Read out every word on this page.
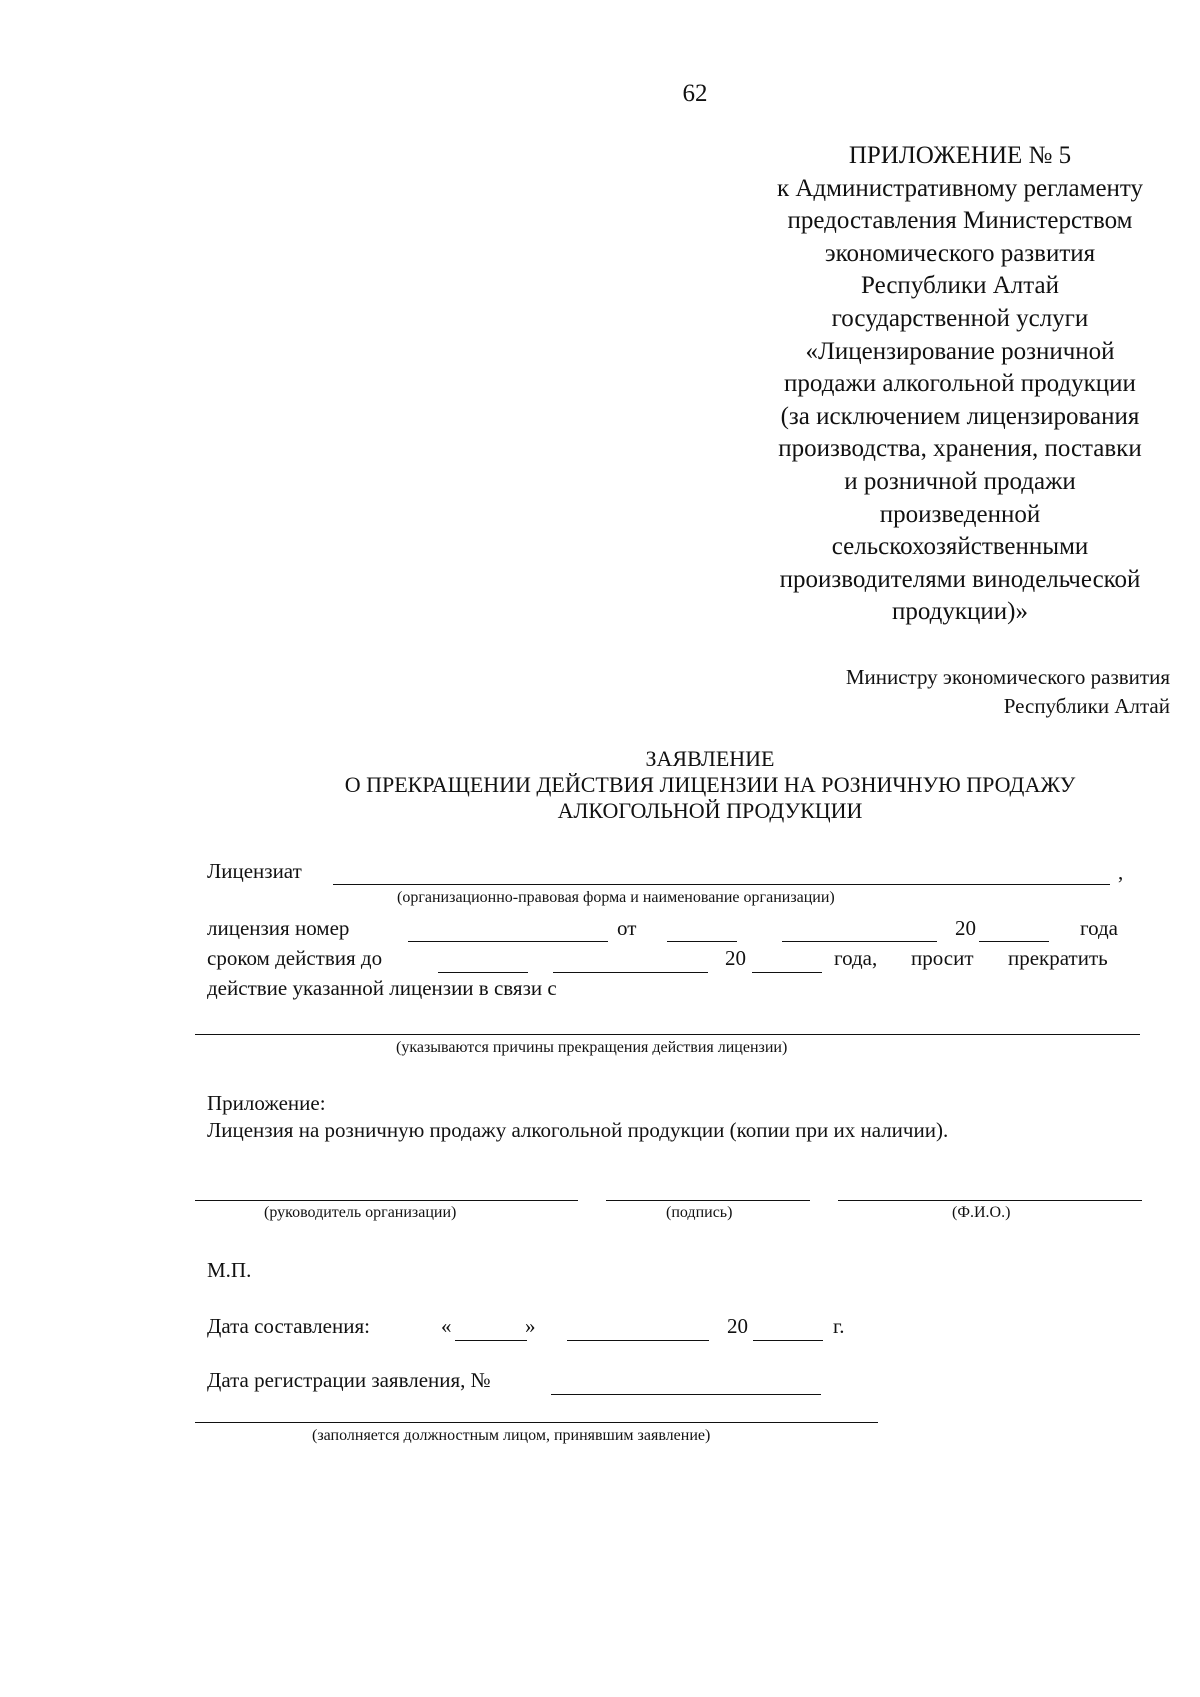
62
ПРИЛОЖЕНИЕ № 5
к Административному регламенту
предоставления Министерством
экономического развития
Республики Алтай
государственной услуги
«Лицензирование розничной
продажи алкогольной продукции
(за исключением лицензирования
производства, хранения, поставки
и розничной продажи
произведенной
сельскохозяйственными
производителями винодельческой
продукции)»
Министру экономического развития
Республики Алтай
ЗАЯВЛЕНИЕ
О ПРЕКРАЩЕНИИ ДЕЙСТВИЯ ЛИЦЕНЗИИ НА РОЗНИЧНУЮ ПРОДАЖУ
АЛКОГОЛЬНОЙ ПРОДУКЦИИ
Лицензиат	,
(организационно-правовая форма и наименование организации)
лицензия номер	от	20	года
сроком действия до	20	года, просит прекратить
действие указанной лицензии в связи с
(указываются причины прекращения действия лицензии)
Приложение:
Лицензия на розничную продажу алкогольной продукции (копии при их наличии).
(руководитель организации)	(подпись)	(Ф.И.О.)
М.П.
Дата составления:	«	»	20	г.
Дата регистрации заявления, №
(заполняется должностным лицом, принявшим заявление)
